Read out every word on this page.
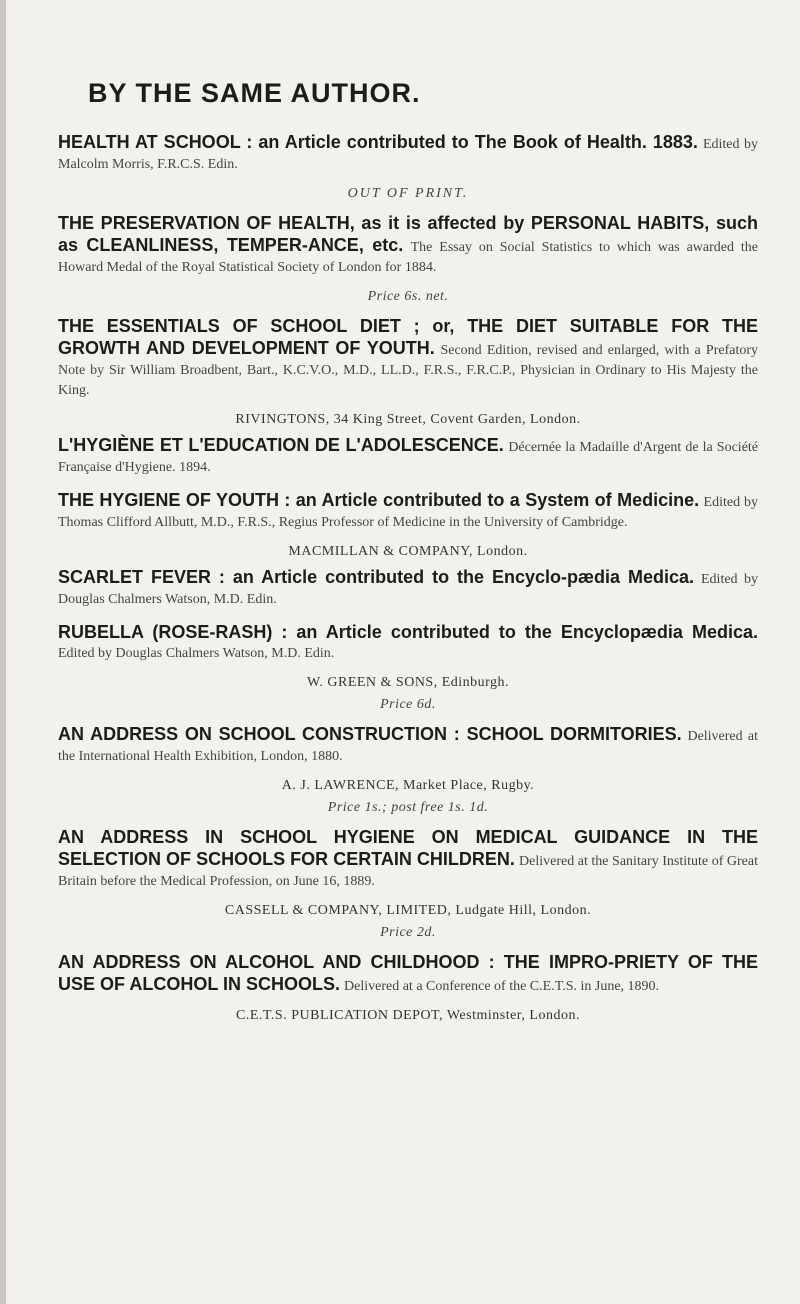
BY THE SAME AUTHOR.
HEALTH AT SCHOOL : an Article contributed to The Book of Health. 1883. Edited by Malcolm Morris, F.R.C.S. Edin.
OUT OF PRINT.
THE PRESERVATION OF HEALTH, as it is affected by PERSONAL HABITS, such as CLEANLINESS, TEMPER-ANCE, etc. The Essay on Social Statistics to which was awarded the Howard Medal of the Royal Statistical Society of London for 1884.
Price 6s. net.
THE ESSENTIALS OF SCHOOL DIET ; or, THE DIET SUITABLE FOR THE GROWTH AND DEVELOPMENT OF YOUTH. Second Edition, revised and enlarged, with a Prefatory Note by Sir William Broadbent, Bart., K.C.V.O., M.D., LL.D., F.R.S., F.R.C.P., Physician in Ordinary to His Majesty the King.
RIVINGTONS, 34 King Street, Covent Garden, London.
L'HYGIÈNE ET L'EDUCATION DE L'ADOLESCENCE. Décernée la Madaille d'Argent de la Société Française d'Hygiene. 1894.
THE HYGIENE OF YOUTH : an Article contributed to a System of Medicine. Edited by Thomas Clifford Allbutt, M.D., F.R.S., Regius Professor of Medicine in the University of Cambridge.
MACMILLAN & COMPANY, London.
SCARLET FEVER : an Article contributed to the Encyclo-pædia Medica. Edited by Douglas Chalmers Watson, M.D. Edin.
RUBELLA (ROSE-RASH) : an Article contributed to the Encyclopædia Medica. Edited by Douglas Chalmers Watson, M.D. Edin.
W. GREEN & SONS, Edinburgh.
Price 6d.
AN ADDRESS ON SCHOOL CONSTRUCTION : SCHOOL DORMITORIES. Delivered at the International Health Exhibition, London, 1880.
A. J. LAWRENCE, Market Place, Rugby.
Price 1s.; post free 1s. 1d.
AN ADDRESS IN SCHOOL HYGIENE ON MEDICAL GUIDANCE IN THE SELECTION OF SCHOOLS FOR CERTAIN CHILDREN. Delivered at the Sanitary Institute of Great Britain before the Medical Profession, on June 16, 1889.
CASSELL & COMPANY, LIMITED, Ludgate Hill, London.
Price 2d.
AN ADDRESS ON ALCOHOL AND CHILDHOOD : THE IMPRO-PRIETY OF THE USE OF ALCOHOL IN SCHOOLS. Delivered at a Conference of the C.E.T.S. in June, 1890.
C.E.T.S. PUBLICATION DEPOT, Westminster, London.
